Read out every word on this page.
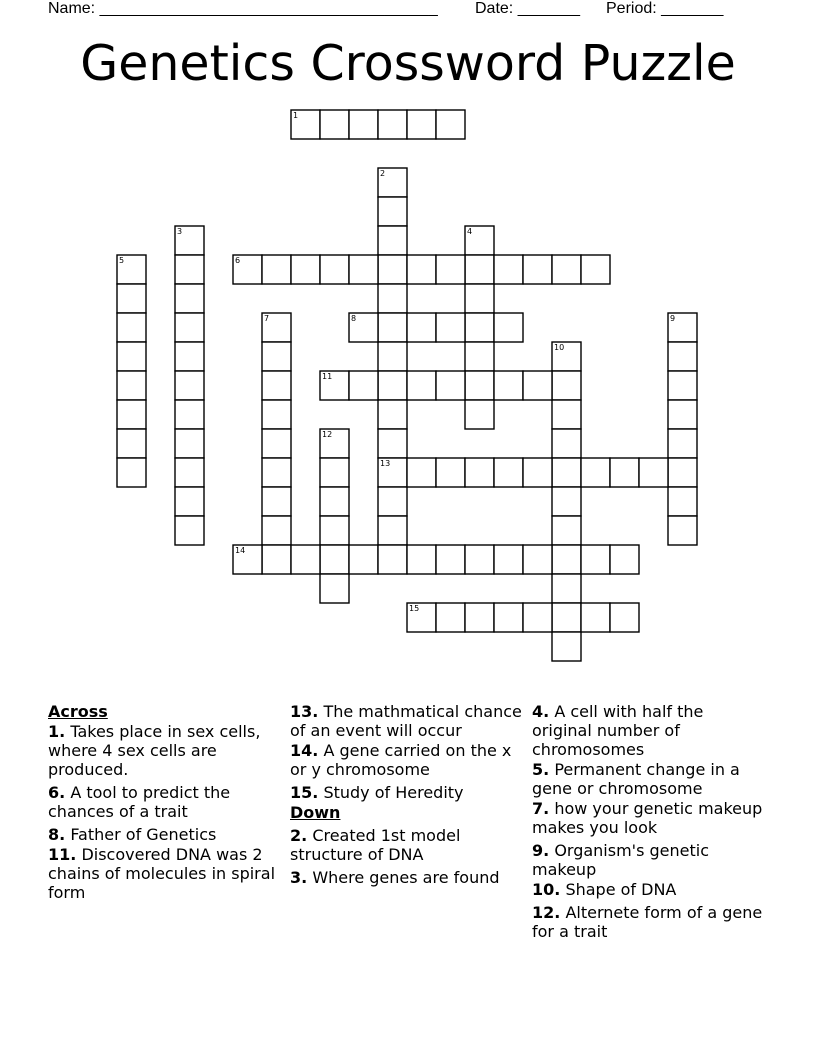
Name: ______________________________________ Date: _______ Period: _______
Genetics Crossword Puzzle
1
2
3	4
5	6
7	8	9
10
11
12
13
14
15
Across
1. Takes place in sex cells, where 4 sex cells are produced.
6. A tool to predict the chances of a trait
8. Father of Genetics
11. Discovered DNA was 2 chains of molecules in spiral form
13. The mathmatical chance of an event will occur
14. A gene carried on the x or y chromosome
15. Study of Heredity
Down
2. Created 1st model structure of DNA
3. Where genes are found
4. A cell with half the original number of chromosomes
5. Permanent change in a gene or chromosome
7. how your genetic makeup makes you look
9. Organism's genetic makeup
10. Shape of DNA
12. Alternete form of a gene for a trait
